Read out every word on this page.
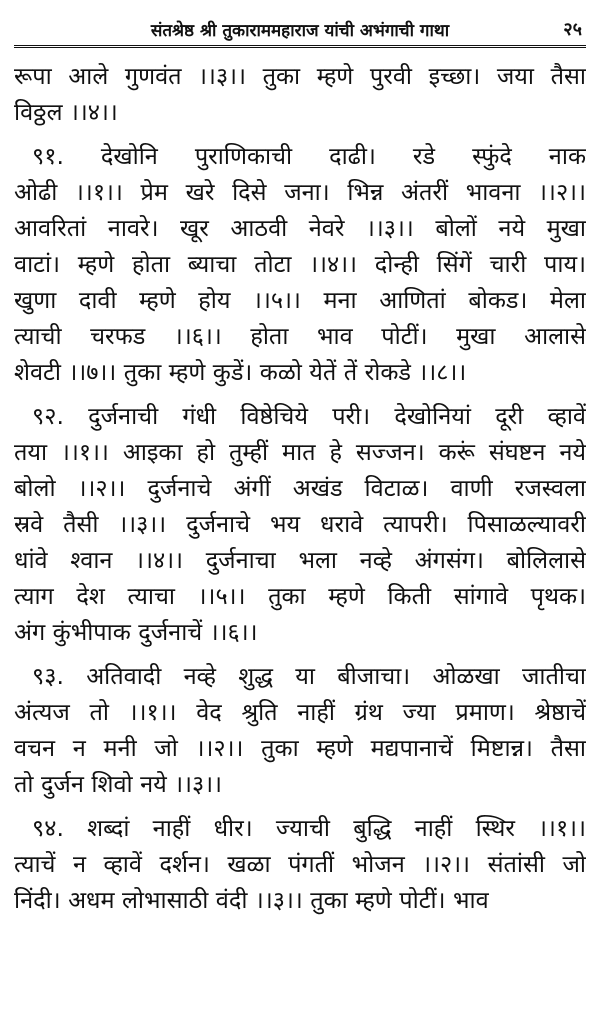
संतश्रेष्ठ श्री तुकाराममहाराज यांची अभंगाची गाथा	२५
रूपा आले गुणवंत ।।३।। तुका म्हणे पुरवी इच्छा। जया तैसा
विठ्ठल ।।४।।
९१. देखोनि पुराणिकाची दाढी। रडे स्फुंदे नाक
ओढी ।।१।। प्रेम खरे दिसे जना। भिन्न अंतरीं भावना ।।२।।
आवरितां नावरे। खूर आठवी नेवरे ।।३।। बोलों नये मुखा
वाटां। म्हणे होता ब्याचा तोटा ।।४।। दोन्ही सिंगें चारी पाय।
खुणा दावी म्हणे होय ।।५।। मना आणितां बोकड। मेला
त्याची चरफड ।।६।। होता भाव पोटीं। मुखा आलासे
शेवटी ।।७।। तुका म्हणे कुडें। कळो येतें तें रोकडे ।।८।।
९२. दुर्जनाची गंधी विष्ठेचिये परी। देखोनियां दूरी व्हावें
तया ।।१।। आइका हो तुम्हीं मात हे सज्जन। करूं संघष्टन नये
बोलो ।।२।। दुर्जनाचे अंगीं अखंड विटाळ। वाणी रजस्वला
स्रवे तैसी ।।३।। दुर्जनाचे भय धरावे त्यापरी। पिसाळल्यावरी
धांवे श्वान ।।४।। दुर्जनाचा भला नव्हे अंगसंग। बोलिलासे
त्याग देश त्याचा ।।५।। तुका म्हणे किती सांगावे पृथक।
अंग कुंभीपाक दुर्जनाचें ।।६।।
९३. अतिवादी नव्हे शुद्ध या बीजाचा। ओळखा जातीचा
अंत्यज तो ।।१।। वेद श्रुति नाहीं ग्रंथ ज्या प्रमाण। श्रेष्ठाचें
वचन न मनी जो ।।२।। तुका म्हणे मद्यपानाचें मिष्टान्न। तैसा
तो दुर्जन शिवो नये ।।३।।
९४. शब्दां नाहीं धीर। ज्याची बुद्धि नाहीं स्थिर ।।१।।
त्याचें न व्हावें दर्शन। खळा पंगतीं भोजन ।।२।। संतांसी जो
निंदी। अधम लोभासाठी वंदी ।।३।। तुका म्हणे पोटीं। भाव
